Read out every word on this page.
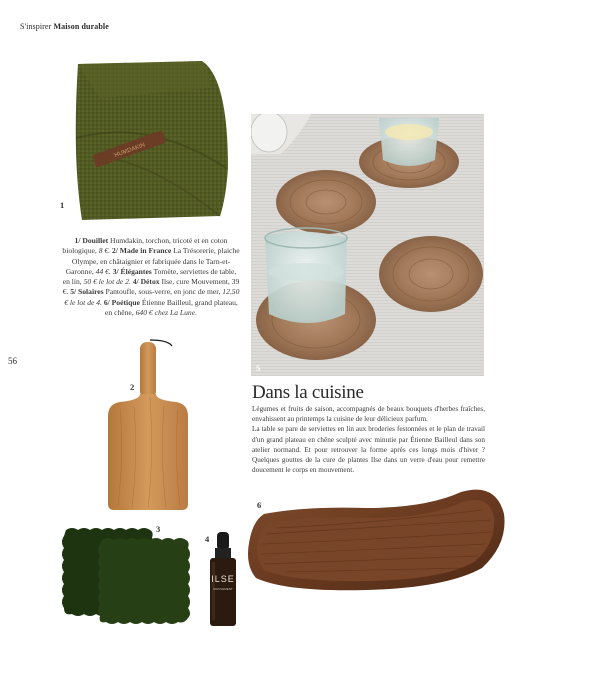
S'inspirer Maison durable
56
HUMDAKIN
1
1/ Douillet Humdakin, torchon, tricoté et en coton biologique, 8 €. 2/ Made in France La Trésorerie, plaiche Olympe, en châtaignier et fabriquée dans le Tarn-et-Garonne, 44 €. 3/ Élégantes Tomète, serviettes de table, en lin, 50 € le lot de 2. 4/ Détox Ilse, cure Mouvement, 39 €. 5/ Solaires Pantoufle, sous-verre, en jonc de mer, 12,50 € le lot de 4. 6/ Poétique Étienne Bailleul, grand plateau, en chêne, 640 € chez La Lune.
2
3
ILSE
MOUVEMENT
4
5
Dans la cuisine

Légumes et fruits de saison, accompagnés de beaux bouquets d'herbes fraîches, envahissent au printemps la cuisine de leur délicieux parfum.

La table se pare de serviettes en lin aux broderies festonnées et le plan de travail d'un grand plateau en chêne sculpté avec minutie par Étienne Bailleul dans son atelier normand. Et pour retrouver la forme après ces longs mois d'hiver ? Quelques gouttes de la cure de plantes Ilse dans un verre d'eau pour remettre doucement le corps en mouvement.

6
